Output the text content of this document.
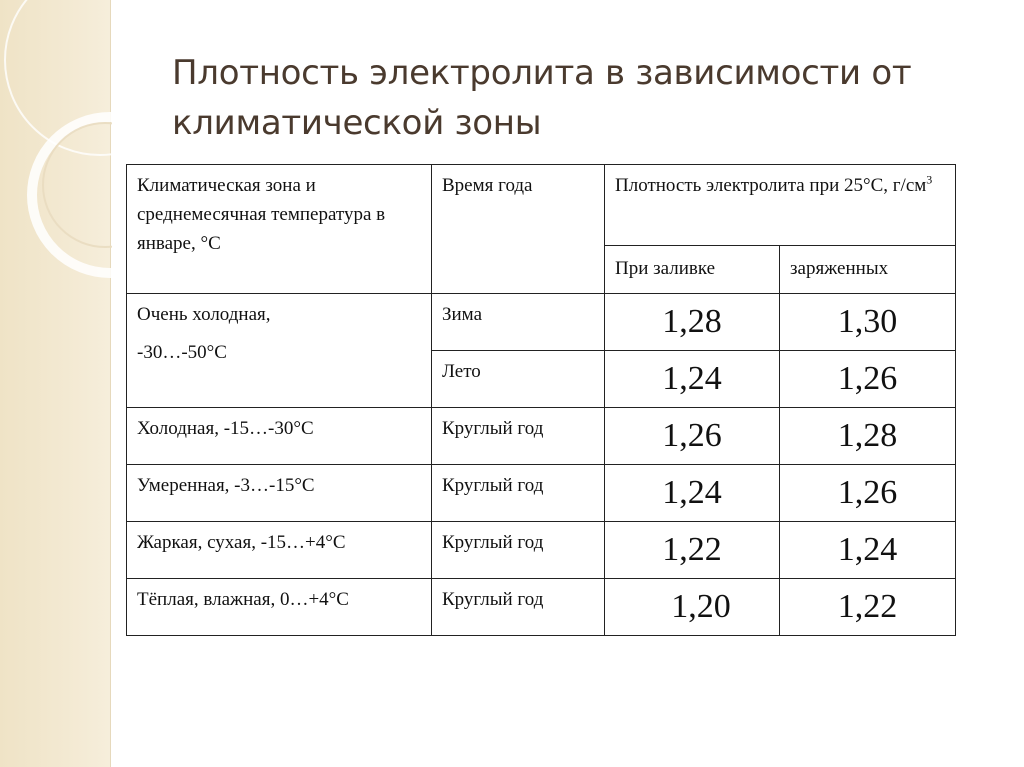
Плотность электролита в зависимости от климатической зоны
Климатическая зона и среднемесячная температура в январе, °С	Время года	Плотность электролита при 25°С, $г/см^3$

		При заливке	заряженных

Очень холодная,
-30…-50°С	Зима	1,28	1,30

	Лето	1,24	1,26

Холодная, -15…-30°С	Круглый год	1,26	1,28

Умеренная, -3…-15°С	Круглый год	1,24	1,26

Жаркая, сухая, -15…+4°С	Круглый год	1,22	1,24

Тёплая, влажная, 0…+4°С	Круглый год	1,20	1,22
